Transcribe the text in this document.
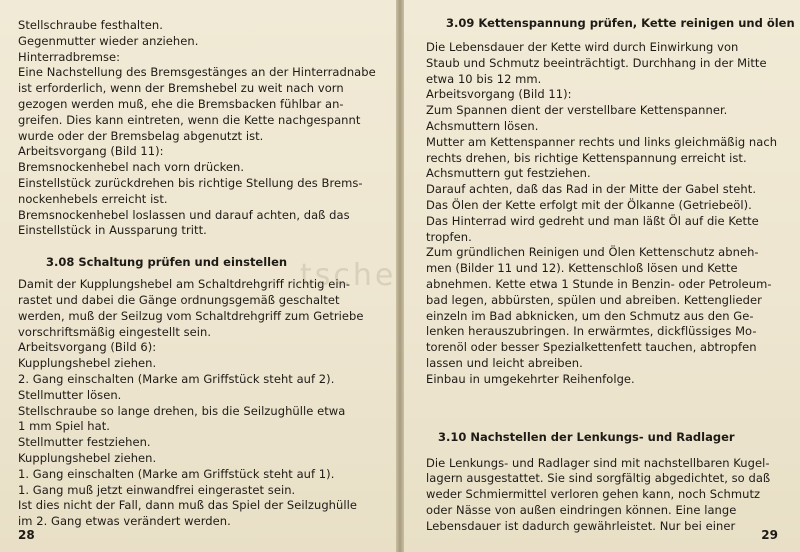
Stellschraube festhalten.
Gegenmutter wieder anziehen.
Hinterradbremse:
Eine Nachstellung des Bremsgestänges an der Hinterradnabe
ist erforderlich, wenn der Bremshebel zu weit nach vorn
gezogen werden muß, ehe die Bremsbacken fühlbar an-
greifen. Dies kann eintreten, wenn die Kette nachgespannt
wurde oder der Bremsbelag abgenutzt ist.
Arbeitsvorgang (Bild 11):
Bremsnockenhebel nach vorn drücken.
Einstellstück zurückdrehen bis richtige Stellung des Brems-
nockenhebels erreicht ist.
Bremsnockenhebel loslassen und darauf achten, daß das
Einstellstück in Aussparung tritt.
3.08 Schaltung prüfen und einstellen
Damit der Kupplungshebel am Schaltdrehgriff richtig ein-
rastet und dabei die Gänge ordnungsgemäß geschaltet
werden, muß der Seilzug vom Schaltdrehgriff zum Getriebe
vorschriftsmäßig eingestellt sein.
Arbeitsvorgang (Bild 6):
Kupplungshebel ziehen.
2. Gang einschalten (Marke am Griffstück steht auf 2).
Stellmutter lösen.
Stellschraube so lange drehen, bis die Seilzughülle etwa
1 mm Spiel hat.
Stellmutter festziehen.
Kupplungshebel ziehen.
1. Gang einschalten (Marke am Griffstück steht auf 1).
1. Gang muß jetzt einwandfrei eingerastet sein.
Ist dies nicht der Fall, dann muß das Spiel der Seilzughülle
im 2. Gang etwas verändert werden.
28
3.09 Kettenspannung prüfen, Kette reinigen und ölen
Die Lebensdauer der Kette wird durch Einwirkung von
Staub und Schmutz beeinträchtigt. Durchhang in der Mitte
etwa 10 bis 12 mm.
Arbeitsvorgang (Bild 11):
Zum Spannen dient der verstellbare Kettenspanner.
Achsmuttern lösen.
Mutter am Kettenspanner rechts und links gleichmäßig nach
rechts drehen, bis richtige Kettenspannung erreicht ist.
Achsmuttern gut festziehen.
Darauf achten, daß das Rad in der Mitte der Gabel steht.
Das Ölen der Kette erfolgt mit der Ölkanne (Getriebeöl).
Das Hinterrad wird gedreht und man läßt Öl auf die Kette
tropfen.
Zum gründlichen Reinigen und Ölen Kettenschutz abneh-
men (Bilder 11 und 12). Kettenschloß lösen und Kette
abnehmen. Kette etwa 1 Stunde in Benzin- oder Petroleum-
bad legen, abbürsten, spülen und abreiben. Kettenglieder
einzeln im Bad abknicken, um den Schmutz aus den Ge-
lenken herauszubringen. In erwärmtes, dickflüssiges Mo-
torenöl oder besser Spezialkettenfett tauchen, abtropfen
lassen und leicht abreiben.
Einbau in umgekehrter Reihenfolge.
3.10 Nachstellen der Lenkungs- und Radlager
Die Lenkungs- und Radlager sind mit nachstellbaren Kugel-
lagern ausgestattet. Sie sind sorgfältig abgedichtet, so daß
weder Schmiermittel verloren gehen kann, noch Schmutz
oder Nässe von außen eindringen können. Eine lange
Lebensdauer ist dadurch gewährleistet. Nur bei einer
29
